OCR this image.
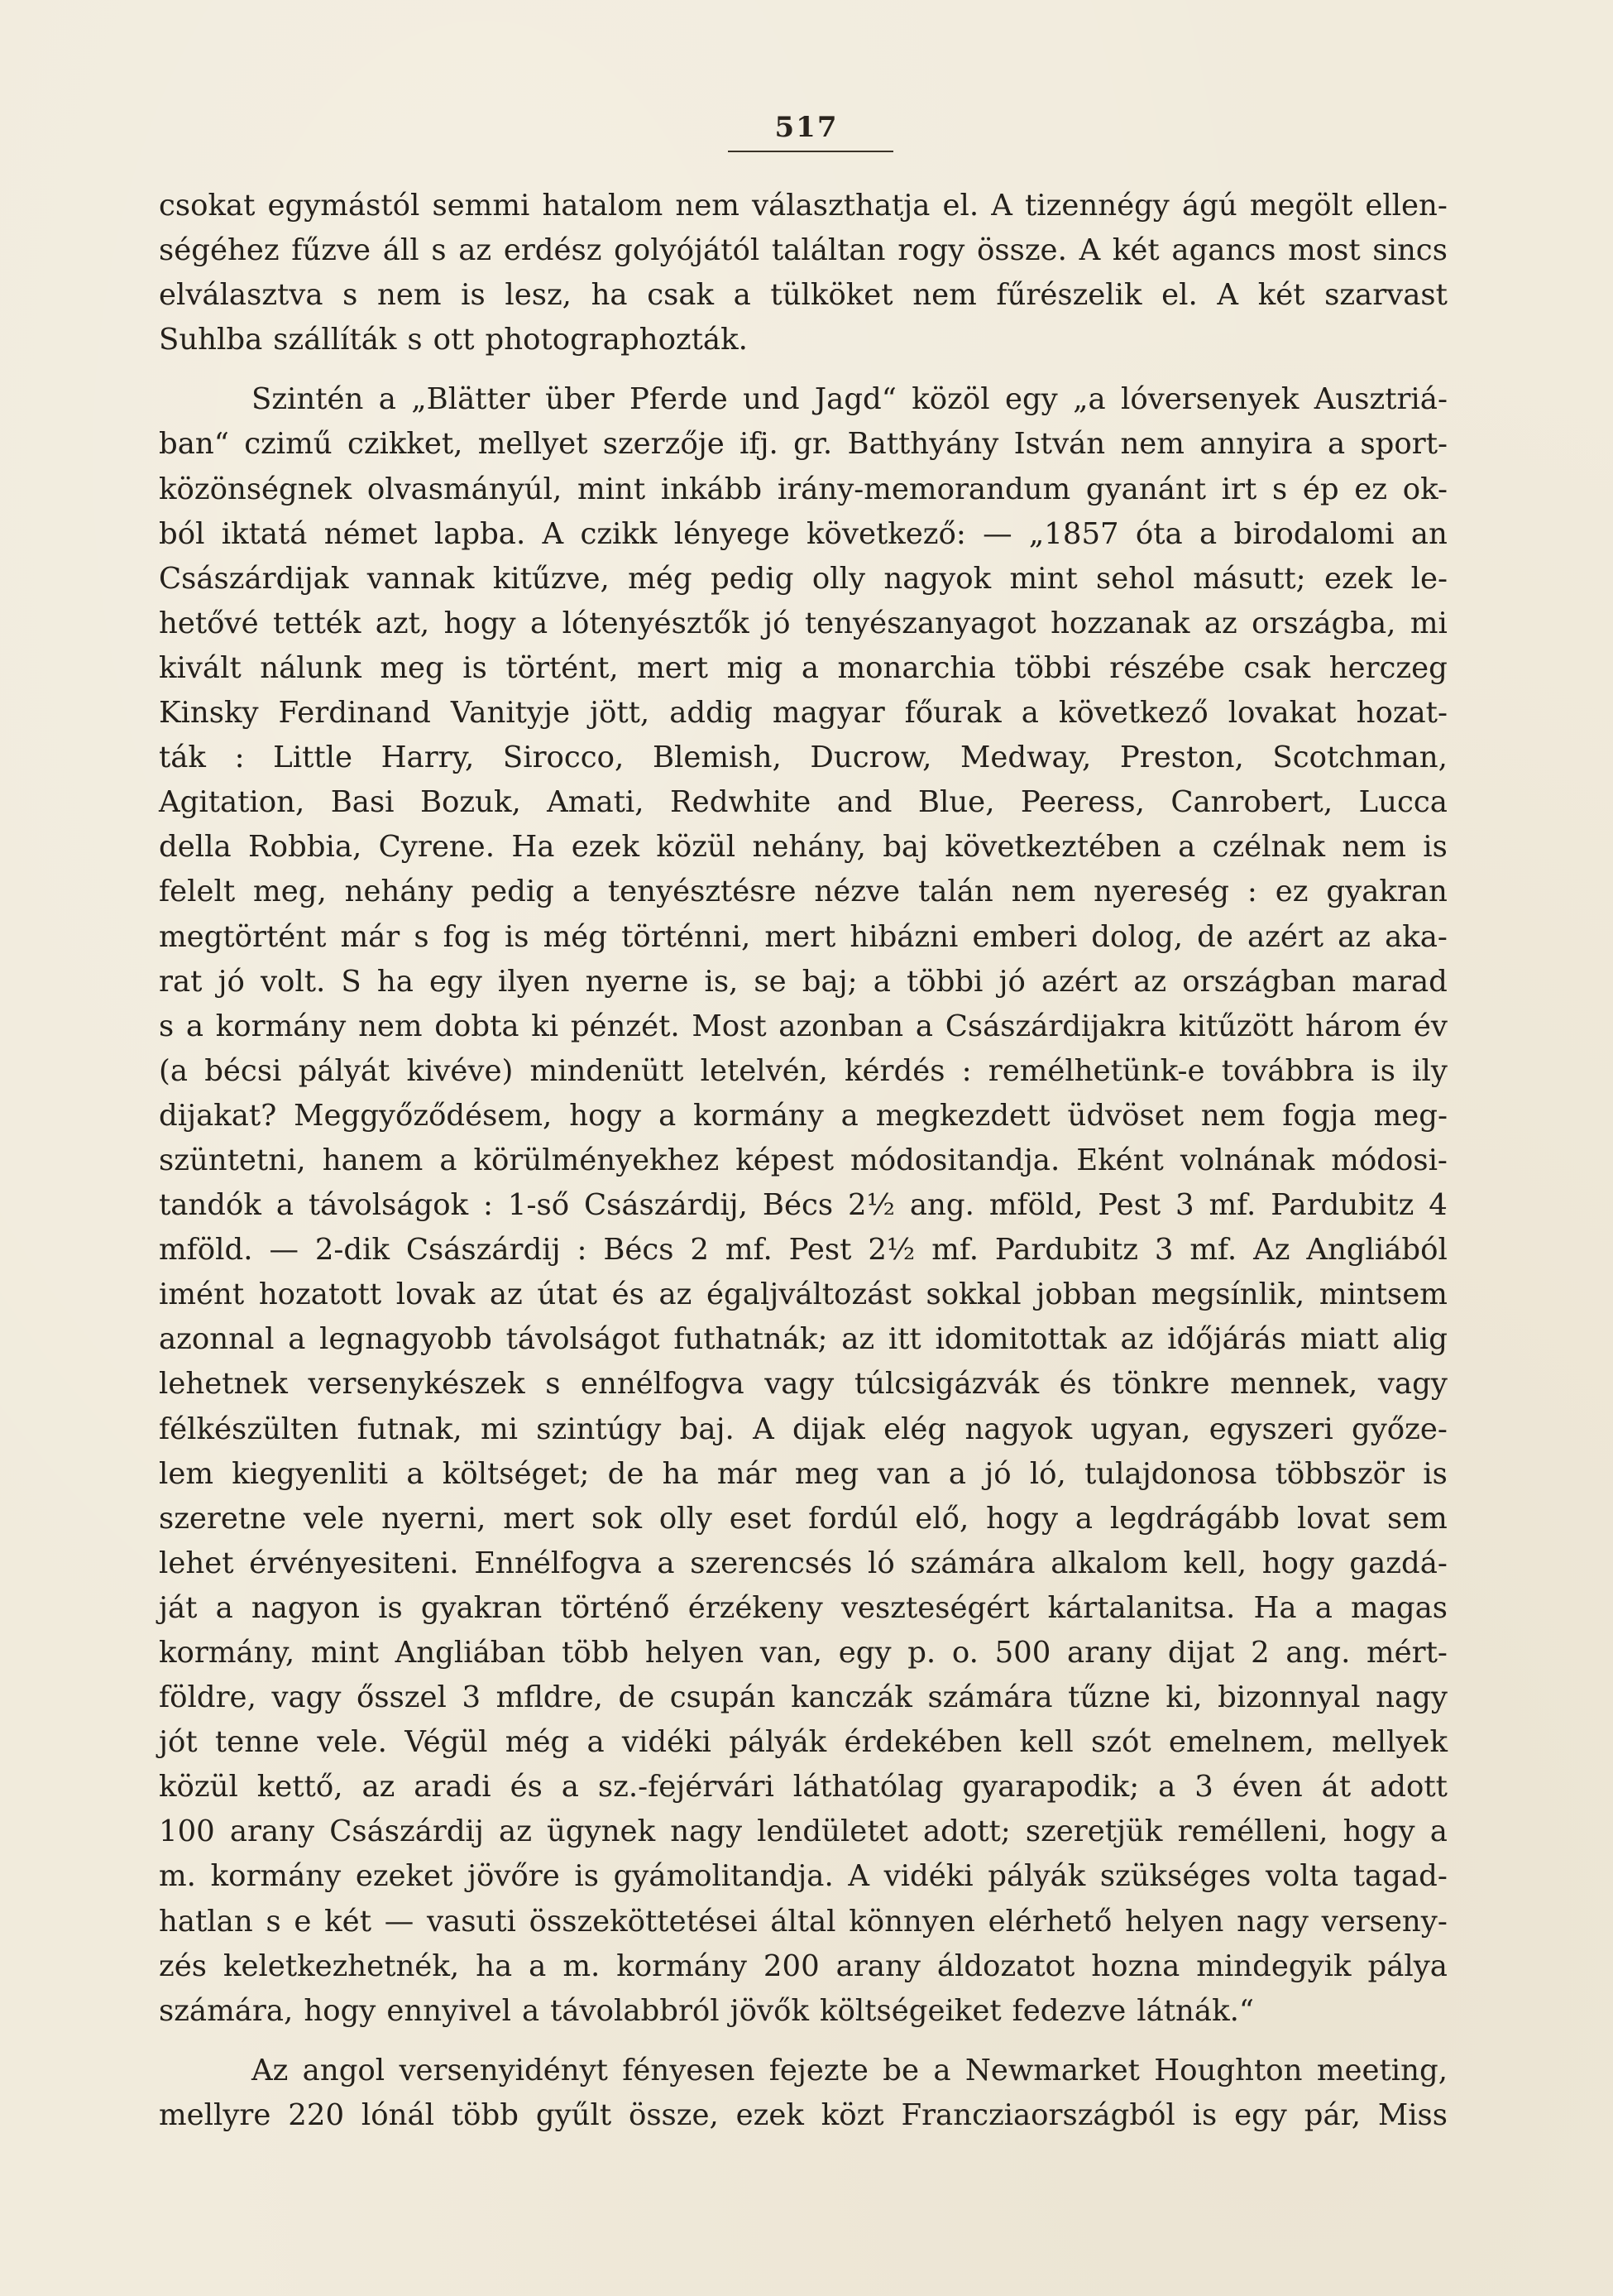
517
csokat egymástól semmi hatalom nem választhatja el. A tizennégy ágú megölt ellen-
ségéhez fűzve áll s az erdész golyójától találtan rogy össze. A két agancs most sincs
elválasztva s nem is lesz, ha csak a tülköket nem fűrészelik el. A két szarvast
Suhlba szállíták s ott photographozták.
Szintén a „Blätter über Pferde und Jagd“ közöl egy „a lóversenyek Ausztriá-
ban“ czimű czikket, mellyet szerzője ifj. gr. Batthyány István nem annyira a sport-
közönségnek olvasmányúl, mint inkább irány-memorandum gyanánt irt s ép ez ok-
ból iktatá német lapba. A czikk lényege következő: — „1857 óta a birodalomi an
Császárdijak vannak kitűzve, még pedig olly nagyok mint sehol másutt; ezek le-
hetővé tették azt, hogy a lótenyésztők jó tenyészanyagot hozzanak az országba, mi
kivált nálunk meg is történt, mert mig a monarchia többi részébe csak herczeg
Kinsky Ferdinand Vanityje jött, addig magyar főurak a következő lovakat hozat-
ták : Little Harry, Sirocco, Blemish, Ducrow, Medway, Preston, Scotchman,
Agitation, Basi Bozuk, Amati, Redwhite and Blue, Peeress, Canrobert, Lucca
della Robbia, Cyrene. Ha ezek közül nehány, baj következtében a czélnak nem is
felelt meg, nehány pedig a tenyésztésre nézve talán nem nyereség : ez gyakran
megtörtént már s fog is még történni, mert hibázni emberi dolog, de azért az aka-
rat jó volt. S ha egy ilyen nyerne is, se baj; a többi jó azért az országban marad
s a kormány nem dobta ki pénzét. Most azonban a Császárdijakra kitűzött három év
(a bécsi pályát kivéve) mindenütt letelvén, kérdés : remélhetünk-e továbbra is ily
dijakat? Meggyőződésem, hogy a kormány a megkezdett üdvöset nem fogja meg-
szüntetni, hanem a körülményekhez képest módositandja. Eként volnának módosi-
tandók a távolságok : 1-ső Császárdij, Bécs 2½ ang. mföld, Pest 3 mf. Pardubitz 4
mföld. — 2-dik Császárdij : Bécs 2 mf. Pest 2½ mf. Pardubitz 3 mf. Az Angliából
imént hozatott lovak az útat és az égaljváltozást sokkal jobban megsínlik, mintsem
azonnal a legnagyobb távolságot futhatnák; az itt idomitottak az időjárás miatt alig
lehetnek versenykészek s ennélfogva vagy túlcsigázvák és tönkre mennek, vagy
félkészülten futnak, mi szintúgy baj. A dijak elég nagyok ugyan, egyszeri győze-
lem kiegyenliti a költséget; de ha már meg van a jó ló, tulajdonosa többször is
szeretne vele nyerni, mert sok olly eset fordúl elő, hogy a legdrágább lovat sem
lehet érvényesiteni. Ennélfogva a szerencsés ló számára alkalom kell, hogy gazdá-
ját a nagyon is gyakran történő érzékeny veszteségért kártalanitsa. Ha a magas
kormány, mint Angliában több helyen van, egy p. o. 500 arany dijat 2 ang. mért-
földre, vagy ősszel 3 mfldre, de csupán kanczák számára tűzne ki, bizonnyal nagy
jót tenne vele. Végül még a vidéki pályák érdekében kell szót emelnem, mellyek
közül kettő, az aradi és a sz.-fejérvári láthatólag gyarapodik; a 3 éven át adott
100 arany Császárdij az ügynek nagy lendületet adott; szeretjük remélleni, hogy a
m. kormány ezeket jövőre is gyámolitandja. A vidéki pályák szükséges volta tagad-
hatlan s e két — vasuti összeköttetései által könnyen elérhető helyen nagy verseny-
zés keletkezhetnék, ha a m. kormány 200 arany áldozatot hozna mindegyik pálya
számára, hogy ennyivel a távolabbról jövők költségeiket fedezve látnák.“
Az angol versenyidényt fényesen fejezte be a Newmarket Houghton meeting,
mellyre 220 lónál több gyűlt össze, ezek közt Francziaországból is egy pár, Miss
